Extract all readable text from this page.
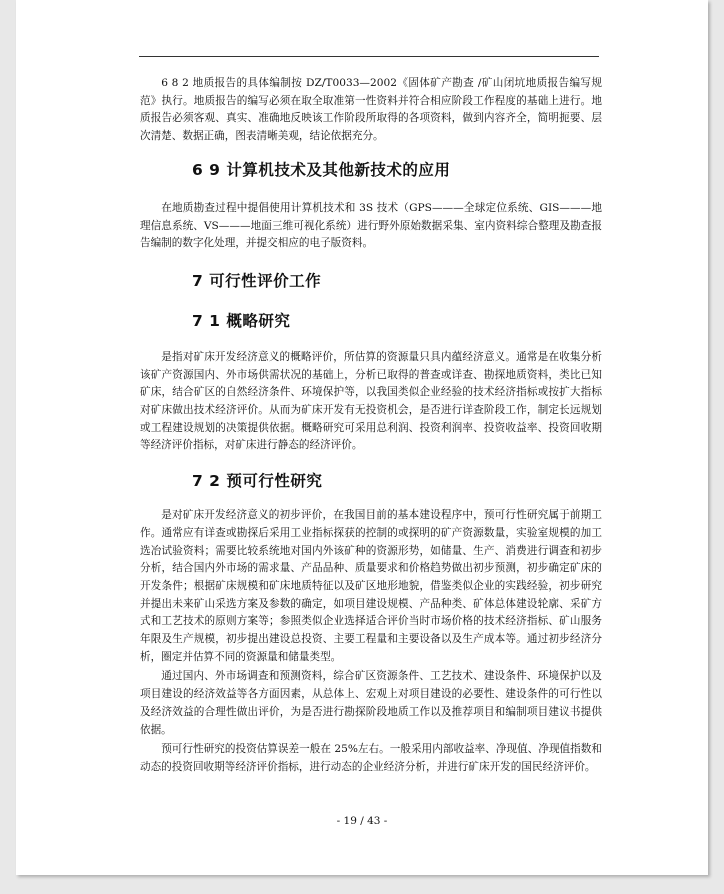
6 8 2 地质报告的具体编制按 DZ/T0033—2002《固体矿产勘查 /矿山闭坑地质报告编写规范》执行。地质报告的编写必须在取全取准第一性资料并符合相应阶段工作程度的基础上进行。地质报告必须客观、真实、准确地反映该工作阶段所取得的各项资料，做到内容齐全，简明扼要、层次清楚、数据正确，图表清晰美观，结论依据充分。

6 9 计算机技术及其他新技术的应用

在地质勘查过程中提倡使用计算机技术和 3S 技术（GPS———全球定位系统、GIS———地理信息系统、VS———地面三维可视化系统）进行野外原始数据采集、室内资料综合整理及勘查报告编制的数字化处理，并提交相应的电子版资料。

7 可行性评价工作
7 1 概略研究

是指对矿床开发经济意义的概略评价，所估算的资源量只具内蕴经济意义。通常是在收集分析该矿产资源国内、外市场供需状况的基础上，分析已取得的普查或详查、勘探地质资料，类比已知矿床，结合矿区的自然经济条件、环境保护等，以我国类似企业经验的技术经济指标或按扩大指标对矿床做出技术经济评价。从而为矿床开发有无投资机会，是否进行详查阶段工作，制定长远规划或工程建设规划的决策提供依据。概略研究可采用总利润、投资利润率、投资收益率、投资回收期等经济评价指标，对矿床进行静态的经济评价。

7 2 预可行性研究

是对矿床开发经济意义的初步评价，在我国目前的基本建设程序中，预可行性研究属于前期工作。通常应有详查或勘探后采用工业指标探获的控制的或探明的矿产资源数量，实验室规模的加工选冶试验资料；需要比较系统地对国内外该矿种的资源形势，如储量、生产、消费进行调查和初步分析，结合国内外市场的需求量、产品品种、质量要求和价格趋势做出初步预测，初步确定矿床的开发条件；根据矿床规模和矿床地质特征以及矿区地形地貌，借鉴类似企业的实践经验，初步研究并提出未来矿山采选方案及参数的确定，如项目建设规模、产品种类、矿体总体建设轮廓、采矿方式和工艺技术的原则方案等；参照类似企业选择适合评价当时市场价格的技术经济指标、矿山服务年限及生产规模，初步提出建设总投资、主要工程量和主要设备以及生产成本等。通过初步经济分析，圈定并估算不同的资源量和储量类型。

通过国内、外市场调查和预测资料，综合矿区资源条件、工艺技术、建设条件、环境保护以及项目建设的经济效益等各方面因素，从总体上、宏观上对项目建设的必要性、建设条件的可行性以及经济效益的合理性做出评价，为是否进行勘探阶段地质工作以及推荐项目和编制项目建议书提供依据。

预可行性研究的投资估算误差一般在 25%左右。一般采用内部收益率、净现值、净现值指数和动态的投资回收期等经济评价指标，进行动态的企业经济分析，并进行矿床开发的国民经济评价。

- 19 / 43 -
